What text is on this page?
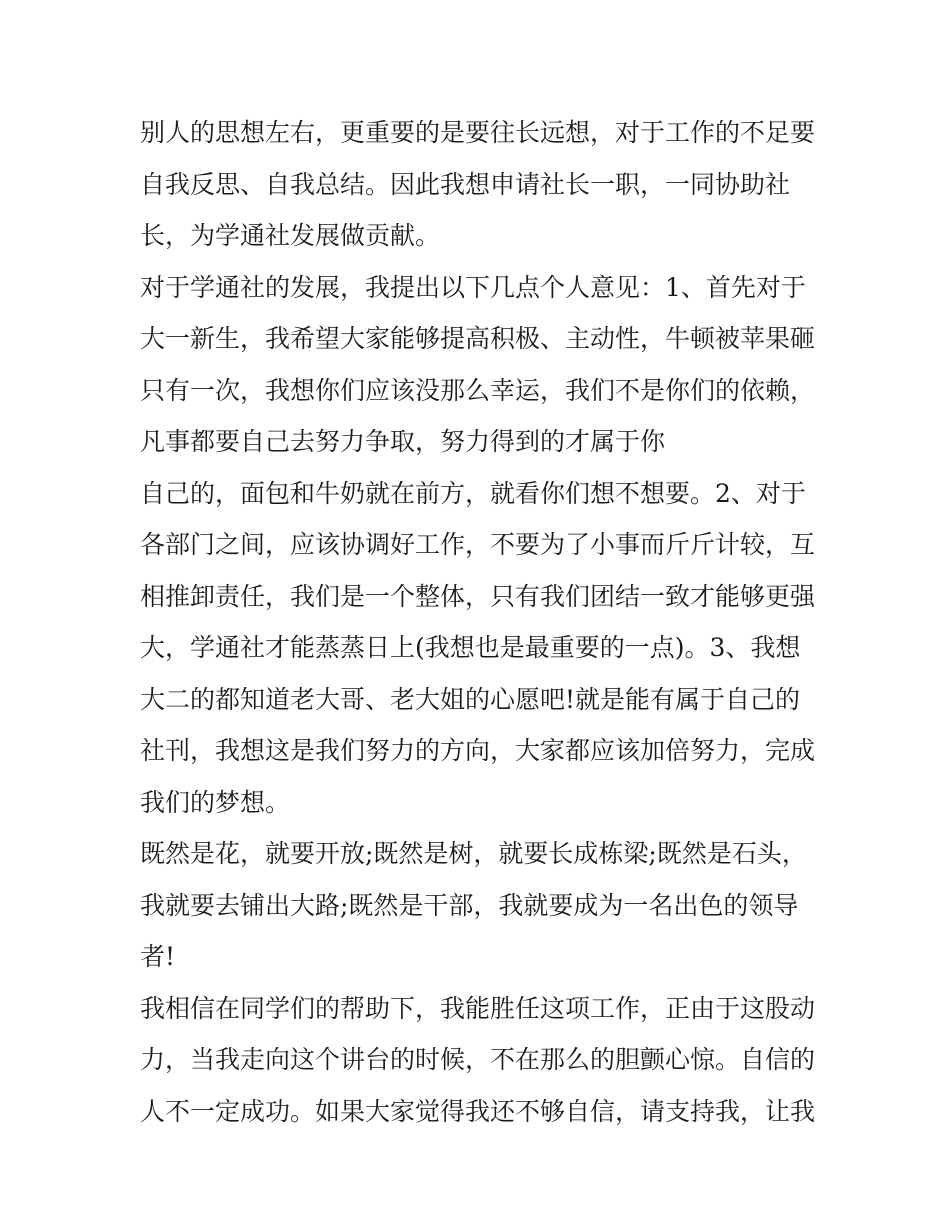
别人的思想左右，更重要的是要往长远想，对于工作的不足要
自我反思、自我总结。因此我想申请社长一职，一同协助社
长，为学通社发展做贡献。
对于学通社的发展，我提出以下几点个人意见：1、首先对于
大一新生，我希望大家能够提高积极、主动性，牛顿被苹果砸
只有一次，我想你们应该没那么幸运，我们不是你们的依赖，
凡事都要自己去努力争取，努力得到的才属于你
自己的，面包和牛奶就在前方，就看你们想不想要。2、对于
各部门之间，应该协调好工作，不要为了小事而斤斤计较，互
相推卸责任，我们是一个整体，只有我们团结一致才能够更强
大，学通社才能蒸蒸日上(我想也是最重要的一点)。3、我想
大二的都知道老大哥、老大姐的心愿吧!就是能有属于自己的
社刊，我想这是我们努力的方向，大家都应该加倍努力，完成
我们的梦想。
既然是花，就要开放;既然是树，就要长成栋梁;既然是石头，
我就要去铺出大路;既然是干部，我就要成为一名出色的领导
者!
我相信在同学们的帮助下，我能胜任这项工作，正由于这股动
力，当我走向这个讲台的时候，不在那么的胆颤心惊。自信的
人不一定成功。如果大家觉得我还不够自信，请支持我，让我
